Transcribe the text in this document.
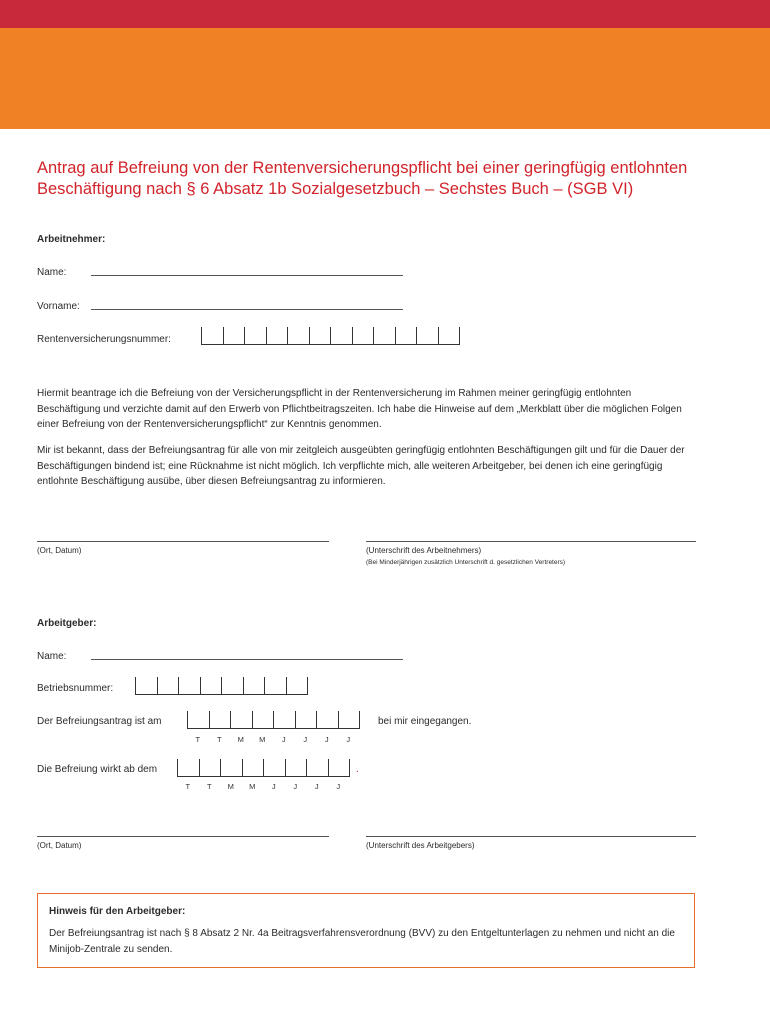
Antrag auf Befreiung von der Rentenversicherungspflicht bei einer geringfügig entlohnten
Beschäftigung nach § 6 Absatz 1b Sozialgesetzbuch – Sechstes Buch – (SGB VI)
Arbeitnehmer:
Name:
Vorname:
Rentenversicherungsnummer:

Hiermit beantrage ich die Befreiung von der Versicherungspflicht in der Rentenversicherung im Rahmen meiner geringfügig entlohnten Beschäftigung und verzichte damit auf den Erwerb von Pflichtbeitragszeiten. Ich habe die Hinweise auf dem „Merkblatt über die möglichen Folgen einer Befreiung von der Rentenversicherungspflicht“ zur Kenntnis genommen.

Mir ist bekannt, dass der Befreiungsantrag für alle von mir zeitgleich ausgeübten geringfügig entlohnten Beschäftigungen gilt und für die Dauer der Beschäftigungen bindend ist; eine Rücknahme ist nicht möglich. Ich verpflichte mich, alle weiteren Arbeitgeber, bei denen ich eine geringfügig entlohnte Beschäftigung ausübe, über diesen Befreiungsantrag zu informieren.

(Ort, Datum)	(Unterschrift des Arbeitnehmers)
(Bei Minderjährigen zusätzlich Unterschrift d. gesetzlichen Vertreters)
Arbeitgeber:
Name:
Betriebsnummer:
Der Befreiungsantrag ist am	bei mir eingegangen.
T	T	M	M	J	J	J	J
Die Befreiung wirkt ab dem	.
T	T	M	M	J	J	J	J
(Ort, Datum)	(Unterschrift des Arbeitgebers)

Hinweis für den Arbeitgeber:

Der Befreiungsantrag ist nach § 8 Absatz 2 Nr. 4a Beitragsverfahrensverordnung (BVV) zu den Entgeltunterlagen zu nehmen und nicht an die Minijob-Zentrale zu senden.
